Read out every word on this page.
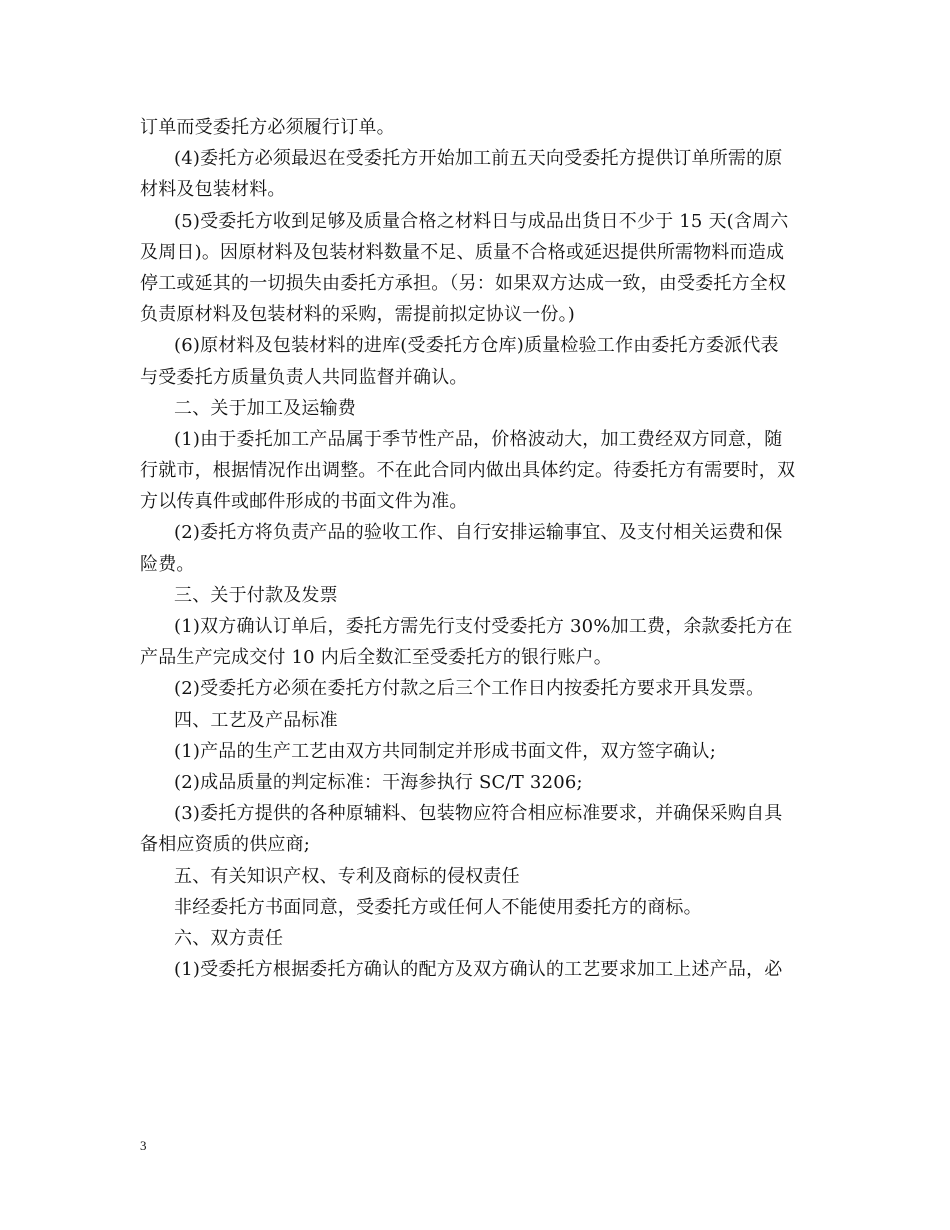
订单而受委托方必须履行订单。
(4)委托方必须最迟在受委托方开始加工前五天向受委托方提供订单所需的原
材料及包装材料。
(5)受委托方收到足够及质量合格之材料日与成品出货日不少于 15 天(含周六
及周日)。因原材料及包装材料数量不足、质量不合格或延迟提供所需物料而造成
停工或延其的一切损失由委托方承担。（另：如果双方达成一致，由受委托方全权
负责原材料及包装材料的采购，需提前拟定协议一份。)
(6)原材料及包装材料的进库(受委托方仓库)质量检验工作由委托方委派代表
与受委托方质量负责人共同监督并确认。
二、关于加工及运输费
(1)由于委托加工产品属于季节性产品，价格波动大，加工费经双方同意，随
行就市，根据情况作出调整。不在此合同内做出具体约定。待委托方有需要时，双
方以传真件或邮件形成的书面文件为准。
(2)委托方将负责产品的验收工作、自行安排运输事宜、及支付相关运费和保
险费。
三、关于付款及发票
(1)双方确认订单后，委托方需先行支付受委托方 30%加工费，余款委托方在
产品生产完成交付 10 内后全数汇至受委托方的银行账户。
(2)受委托方必须在委托方付款之后三个工作日内按委托方要求开具发票。
四、工艺及产品标准
(1)产品的生产工艺由双方共同制定并形成书面文件，双方签字确认;
(2)成品质量的判定标准：干海参执行 SC/T 3206;
(3)委托方提供的各种原辅料、包装物应符合相应标准要求，并确保采购自具
备相应资质的供应商;
五、有关知识产权、专利及商标的侵权责任
非经委托方书面同意，受委托方或任何人不能使用委托方的商标。
六、双方责任
(1)受委托方根据委托方确认的配方及双方确认的工艺要求加工上述产品，必
3
